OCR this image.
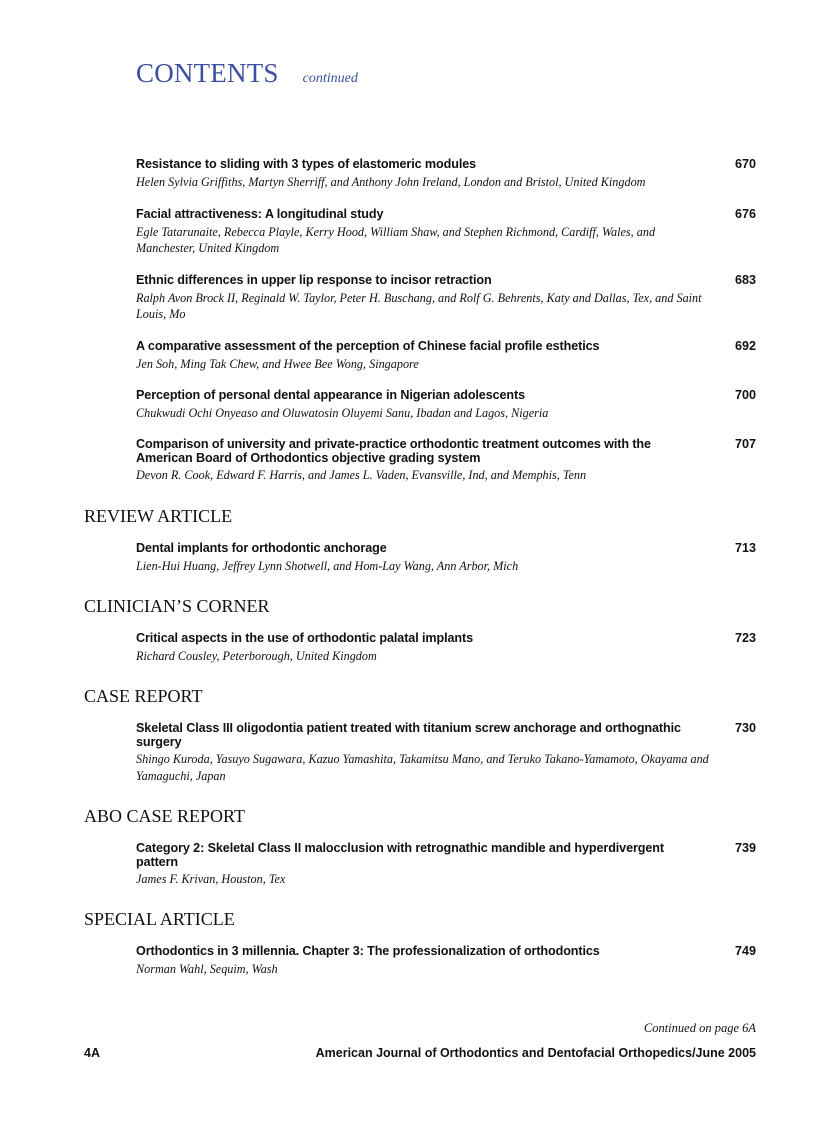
CONTENTS continued
Resistance to sliding with 3 types of elastomeric modules
Helen Sylvia Griffiths, Martyn Sherriff, and Anthony John Ireland, London and Bristol, United Kingdom
670
Facial attractiveness: A longitudinal study
Egle Tatarunaite, Rebecca Playle, Kerry Hood, William Shaw, and Stephen Richmond, Cardiff, Wales, and Manchester, United Kingdom
676
Ethnic differences in upper lip response to incisor retraction
Ralph Avon Brock II, Reginald W. Taylor, Peter H. Buschang, and Rolf G. Behrents, Katy and Dallas, Tex, and Saint Louis, Mo
683
A comparative assessment of the perception of Chinese facial profile esthetics
Jen Soh, Ming Tak Chew, and Hwee Bee Wong, Singapore
692
Perception of personal dental appearance in Nigerian adolescents
Chukwudi Ochi Onyeaso and Oluwatosin Oluyemi Sanu, Ibadan and Lagos, Nigeria
700
Comparison of university and private-practice orthodontic treatment outcomes with the American Board of Orthodontics objective grading system
Devon R. Cook, Edward F. Harris, and James L. Vaden, Evansville, Ind, and Memphis, Tenn
707
REVIEW ARTICLE
Dental implants for orthodontic anchorage
Lien-Hui Huang, Jeffrey Lynn Shotwell, and Hom-Lay Wang, Ann Arbor, Mich
713
CLINICIAN’S CORNER
Critical aspects in the use of orthodontic palatal implants
Richard Cousley, Peterborough, United Kingdom
723
CASE REPORT
Skeletal Class III oligodontia patient treated with titanium screw anchorage and orthognathic surgery
Shingo Kuroda, Yasuyo Sugawara, Kazuo Yamashita, Takamitsu Mano, and Teruko Takano-Yamamoto, Okayama and Yamaguchi, Japan
730
ABO CASE REPORT
Category 2: Skeletal Class II malocclusion with retrognathic mandible and hyperdivergent pattern
James F. Krivan, Houston, Tex
739
SPECIAL ARTICLE
Orthodontics in 3 millennia. Chapter 3: The professionalization of orthodontics
Norman Wahl, Sequim, Wash
749
Continued on page 6A
4A	American Journal of Orthodontics and Dentofacial Orthopedics/June 2005
